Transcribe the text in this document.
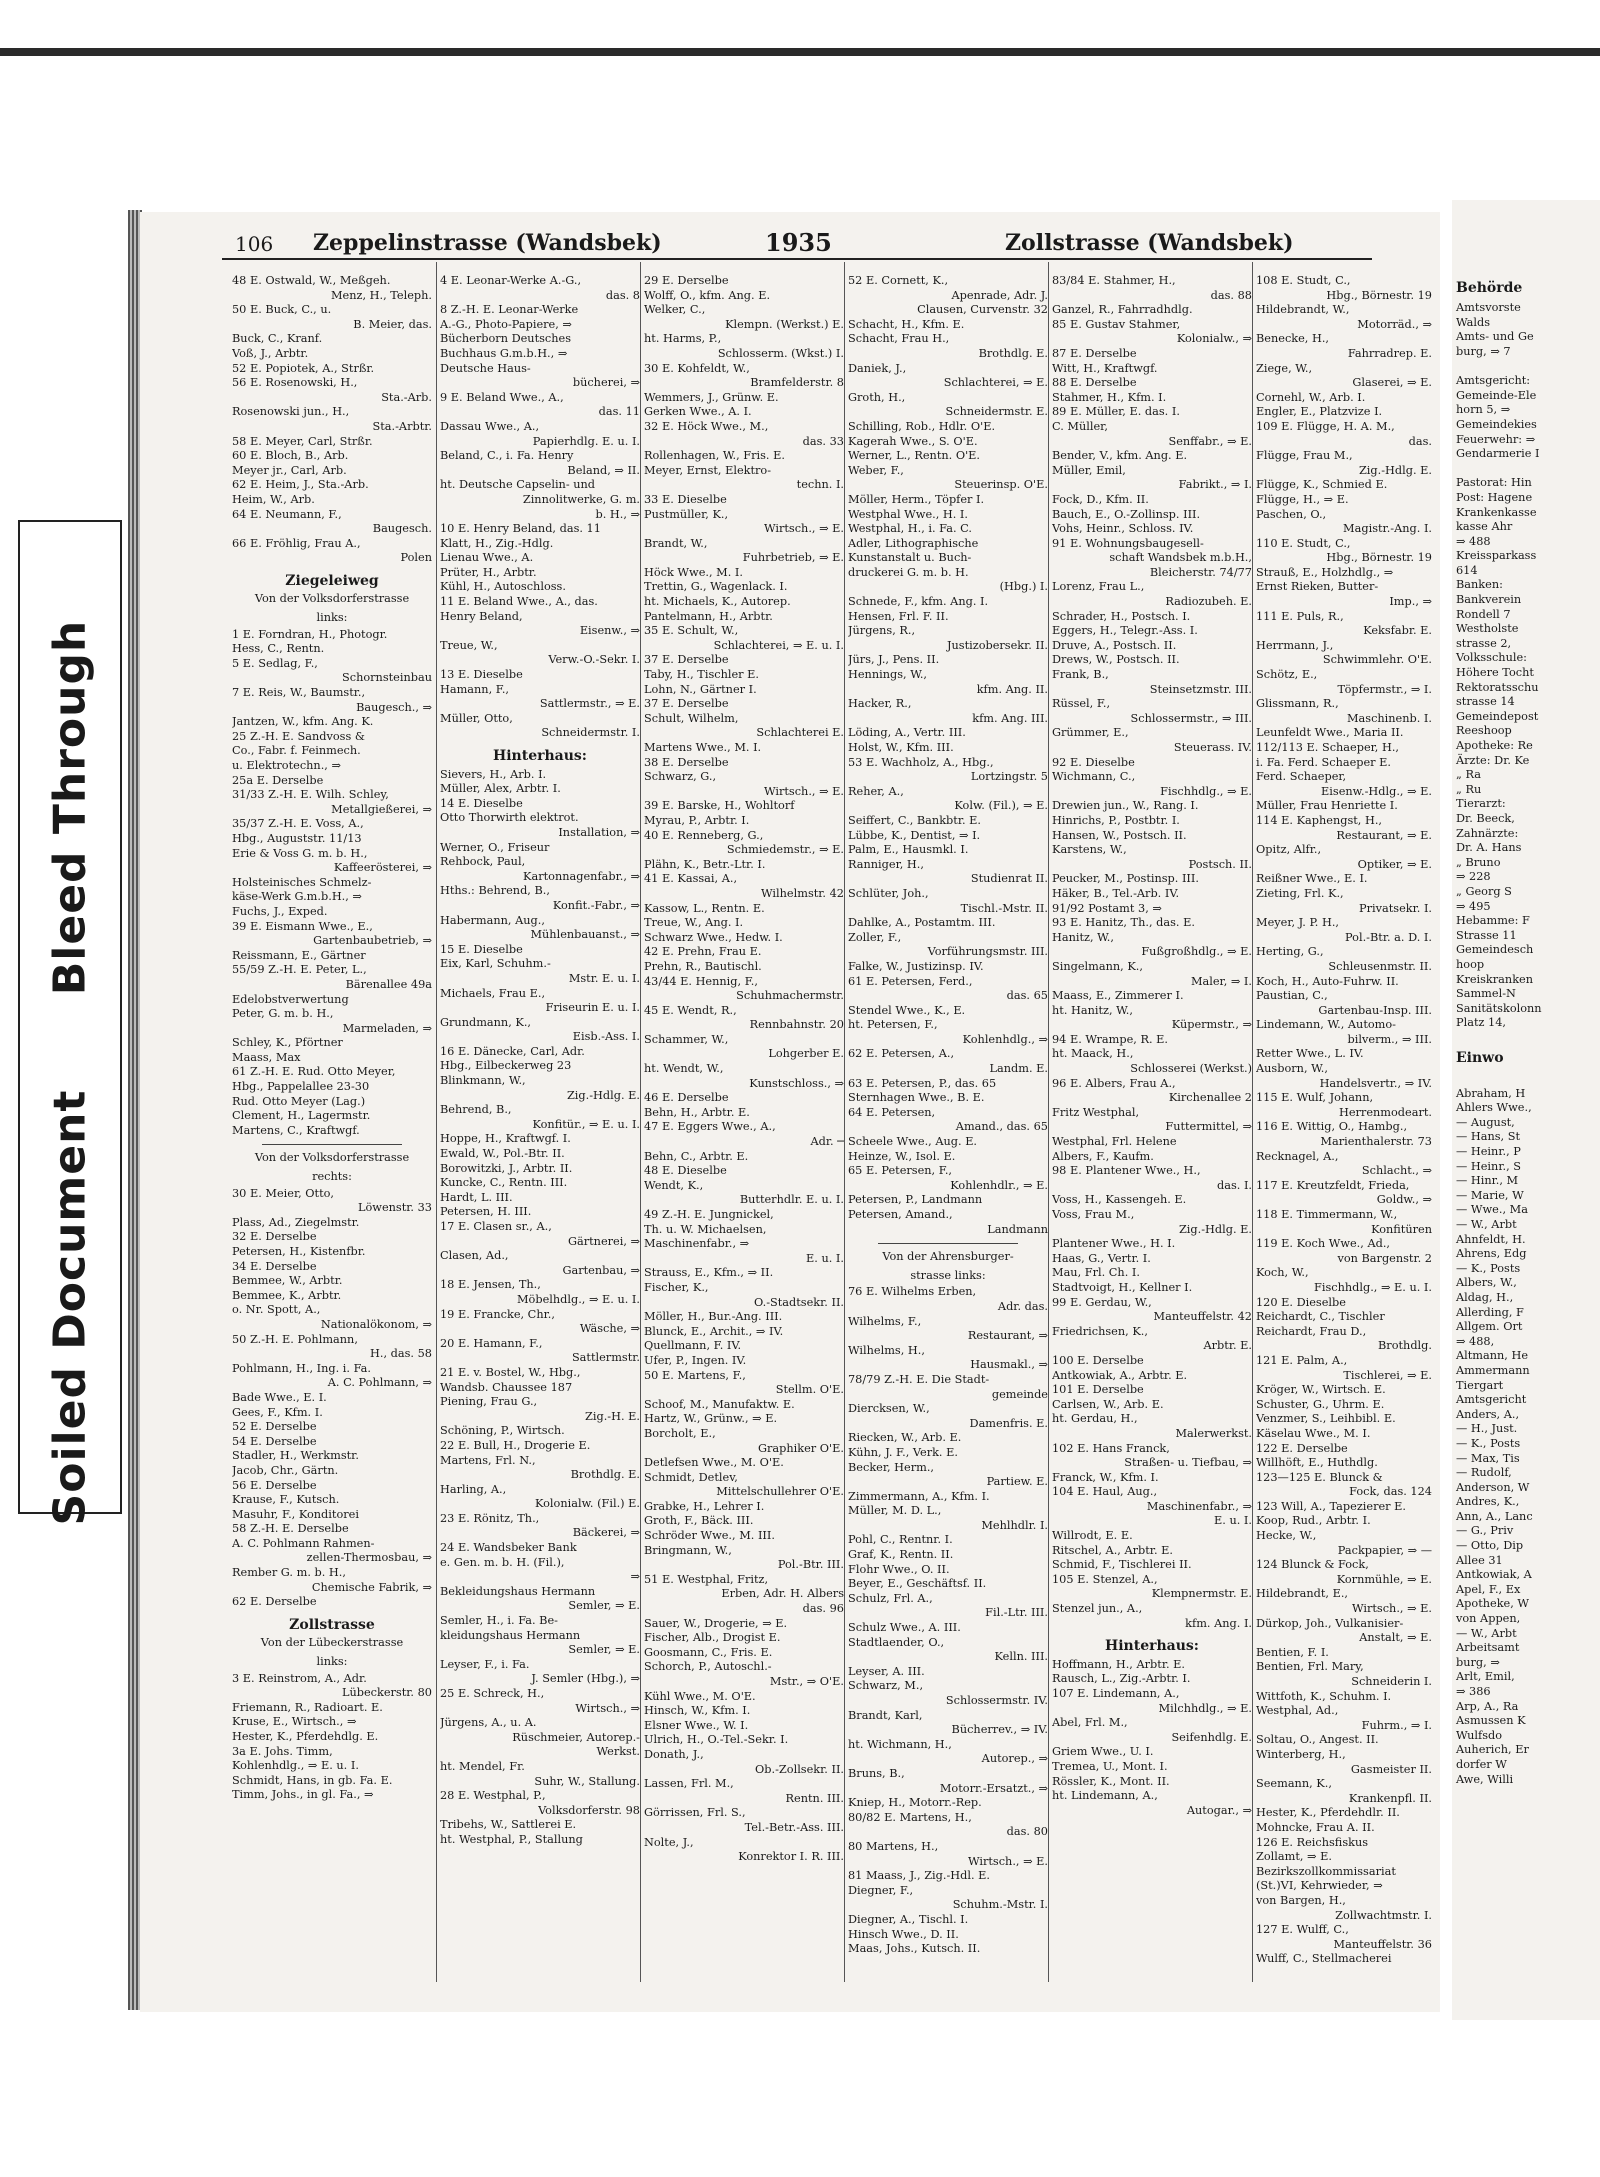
Bleed Through
Soiled Document
106 Zeppelinstrasse (Wandsbek)	1935	Zollstrasse (Wandsbek)
48 E. Ostwald, W., Meßgeh.
Menz, H., Teleph.
50 E. Buck, C., u.
B. Meier, das.
Buck, C., Kranf.
Voß, J., Arbtr.
52 E. Popiotek, A., Strßr.
56 E. Rosenowski, H.,
Sta.-Arb.
Rosenowski jun., H.,
Sta.-Arbtr.
58 E. Meyer, Carl, Strßr.
60 E. Bloch, B., Arb.
Meyer jr., Carl, Arb.
62 E. Heim, J., Sta.-Arb.
Heim, W., Arb.
64 E. Neumann, F.,
Baugesch.
66 E. Fröhlig, Frau A.,
Polen
Ziegeleiweg
Von der Volksdorferstrasse
links:
1 E. Forndran, H., Photogr.
Hess, C., Rentn.
5 E. Sedlag, F.,
Schornsteinbau
7 E. Reis, W., Baumstr.,
Baugesch., ⇒
Jantzen, W., kfm. Ang. K.
25 Z.-H. E. Sandvoss &
Co., Fabr. f. Feinmech.
u. Elektrotechn., ⇒
25a E. Derselbe
31/33 Z.-H. E. Wilh. Schley,
Metallgießerei, ⇒
35/37 Z.-H. E. Voss, A.,
Hbg., Auguststr. 11/13
Erie & Voss G. m. b. H.,
Kaffeerösterei, ⇒
Holsteinisches Schmelz-
käse-Werk G.m.b.H., ⇒
Fuchs, J., Exped.
39 E. Eismann Wwe., E.,
Gartenbaubetrieb, ⇒
Reissmann, E., Gärtner
55/59 Z.-H. E. Peter, L.,
Bärenallee 49a
Edelobstverwertung
Peter, G. m. b. H.,
Marmeladen, ⇒
Schley, K., Pförtner
Maass, Max
61 Z.-H. E. Rud. Otto Meyer,
Hbg., Pappelallee 23-30
Rud. Otto Meyer (Lag.)
Clement, H., Lagermstr.
Martens, C., Kraftwgf.
Von der Volksdorferstrasse
rechts:
30 E. Meier, Otto,
Löwenstr. 33
Plass, Ad., Ziegelmstr.
32 E. Derselbe
Petersen, H., Kistenfbr.
34 E. Derselbe
Bemmee, W., Arbtr.
Bemmee, K., Arbtr.
o. Nr. Spott, A.,
Nationalökonom, ⇒
50 Z.-H. E. Pohlmann,
H., das. 58
Pohlmann, H., Ing. i. Fa.
A. C. Pohlmann, ⇒
Bade Wwe., E. I.
Gees, F., Kfm. I.
52 E. Derselbe
54 E. Derselbe
Stadler, H., Werkmstr.
Jacob, Chr., Gärtn.
56 E. Derselbe
Krause, F., Kutsch.
Masuhr, F., Konditorei
58 Z.-H. E. Derselbe
A. C. Pohlmann Rahmen-
zellen-Thermosbau, ⇒
Rember G. m. b. H.,
Chemische Fabrik, ⇒
62 E. Derselbe
Zollstrasse
Von der Lübeckerstrasse
links:
3 E. Reinstrom, A., Adr.
Lübeckerstr. 80
Friemann, R., Radioart. E.
Kruse, E., Wirtsch., ⇒
Hester, K., Pferdehdlg. E.
3a E. Johs. Timm,
Kohlenhdlg., ⇒ E. u. I.
Schmidt, Hans, in gb. Fa. E.
Timm, Johs., in gl. Fa., ⇒
4 E. Leonar-Werke A.-G.,
das. 8
8 Z.-H. E. Leonar-Werke
A.-G., Photo-Papiere, ⇒
Bücherborn Deutsches
Buchhaus G.m.b.H., ⇒
Deutsche Haus-
bücherei, ⇒
9 E. Beland Wwe., A.,
das. 11
Dassau Wwe., A.,
Papierhdlg. E. u. I.
Beland, C., i. Fa. Henry
Beland, ⇒ II.
ht. Deutsche Capselin- und
Zinnolitwerke, G. m.
b. H., ⇒
10 E. Henry Beland, das. 11
Klatt, H., Zig.-Hdlg.
Lienau Wwe., A.
Prüter, H., Arbtr.
Kühl, H., Autoschloss.
11 E. Beland Wwe., A., das.
Henry Beland,
Eisenw., ⇒
Treue, W.,
Verw.-O.-Sekr. I.
13 E. Dieselbe
Hamann, F.,
Sattlermstr., ⇒ E.
Müller, Otto,
Schneidermstr. I.
Hinterhaus:
Sievers, H., Arb. I.
Müller, Alex, Arbtr. I.
14 E. Dieselbe
Otto Thorwirth elektrot.
Installation, ⇒
Werner, O., Friseur
Rehbock, Paul,
Kartonnagenfabr., ⇒
Hths.: Behrend, B.,
Konfit.-Fabr., ⇒
Habermann, Aug.,
Mühlenbauanst., ⇒
15 E. Dieselbe
Eix, Karl, Schuhm.-
Mstr. E. u. I.
Michaels, Frau E.,
Friseurin E. u. I.
Grundmann, K.,
Eisb.-Ass. I.
16 E. Dänecke, Carl, Adr.
Hbg., Eilbeckerweg 23
Blinkmann, W.,
Zig.-Hdlg. E.
Behrend, B.,
Konfitür., ⇒ E. u. I.
Hoppe, H., Kraftwgf. I.
Ewald, W., Pol.-Btr. II.
Borowitzki, J., Arbtr. II.
Kuncke, C., Rentn. III.
Hardt, L. III.
Petersen, H. III.
17 E. Clasen sr., A.,
Gärtnerei, ⇒
Clasen, Ad.,
Gartenbau, ⇒
18 E. Jensen, Th.,
Möbelhdlg., ⇒ E. u. I.
19 E. Francke, Chr.,
Wäsche, ⇒
20 E. Hamann, F.,
Sattlermstr.
21 E. v. Bostel, W., Hbg.,
Wandsb. Chaussee 187
Piening, Frau G.,
Zig.-H. E.
Schöning, P., Wirtsch.
22 E. Bull, H., Drogerie E.
Martens, Frl. N.,
Brothdlg. E.
Harling, A.,
Kolonialw. (Fil.) E.
23 E. Rönitz, Th.,
Bäckerei, ⇒
24 E. Wandsbeker Bank
e. Gen. m. b. H. (Fil.),
⇒
Bekleidungshaus Hermann
Semler, ⇒ E.
Semler, H., i. Fa. Be-
kleidungshaus Hermann
Semler, ⇒ E.
Leyser, F., i. Fa.
J. Semler (Hbg.), ⇒
25 E. Schreck, H.,
Wirtsch., ⇒
Jürgens, A., u. A.
Rüschmeier, Autorep.-
Werkst.
ht. Mendel, Fr.
Suhr, W., Stallung.
28 E. Westphal, P.,
Volksdorferstr. 98
Tribehs, W., Sattlerei E.
ht. Westphal, P., Stallung
29 E. Derselbe
Wolff, O., kfm. Ang. E.
Welker, C.,
Klempn. (Werkst.) E.
ht. Harms, P.,
Schlosserm. (Wkst.) I.
30 E. Kohfeldt, W.,
Bramfelderstr. 8
Wemmers, J., Grünw. E.
Gerken Wwe., A. I.
32 E. Höck Wwe., M.,
das. 33
Rollenhagen, W., Fris. E.
Meyer, Ernst, Elektro-
techn. I.
33 E. Dieselbe
Pustmüller, K.,
Wirtsch., ⇒ E.
Brandt, W.,
Fuhrbetrieb, ⇒ E.
Höck Wwe., M. I.
Trettin, G., Wagenlack. I.
ht. Michaels, K., Autorep.
Pantelmann, H., Arbtr.
35 E. Schult, W.,
Schlachterei, ⇒ E. u. I.
37 E. Derselbe
Taby, H., Tischler E.
Lohn, N., Gärtner I.
37 E. Derselbe
Schult, Wilhelm,
Schlachterei E.
Martens Wwe., M. I.
38 E. Derselbe
Schwarz, G.,
Wirtsch., ⇒ E.
39 E. Barske, H., Wohltorf
Myrau, P., Arbtr. I.
40 E. Renneberg, G.,
Schmiedemstr., ⇒ E.
Plähn, K., Betr.-Ltr. I.
41 E. Kassai, A.,
Wilhelmstr. 42
Kassow, L., Rentn. E.
Treue, W., Ang. I.
Schwarz Wwe., Hedw. I.
42 E. Prehn, Frau E.
Prehn, R., Bautischl.
43/44 E. Hennig, F.,
Schuhmachermstr.
45 E. Wendt, R.,
Rennbahnstr. 20
Schammer, W.,
Lohgerber E.
ht. Wendt, W.,
Kunstschloss., ⇒
46 E. Derselbe
Behn, H., Arbtr. E.
47 E. Eggers Wwe., A.,
Adr. ─
Behn, C., Arbtr. E.
48 E. Dieselbe
Wendt, K.,
Butterhdlr. E. u. I.
49 Z.-H. E. Jungnickel,
Th. u. W. Michaelsen,
Maschinenfabr., ⇒
E. u. I.
Strauss, E., Kfm., ⇒ II.
Fischer, K.,
O.-Stadtsekr. II.
Möller, H., Bur.-Ang. III.
Blunck, E., Archit., ⇒ IV.
Quellmann, F. IV.
Ufer, P., Ingen. IV.
50 E. Martens, F.,
Stellm. O'E.
Schoof, M., Manufaktw. E.
Hartz, W., Grünw., ⇒ E.
Borcholt, E.,
Graphiker O'E.
Detlefsen Wwe., M. O'E.
Schmidt, Detlev,
Mittelschullehrer O'E.
Grabke, H., Lehrer I.
Groth, F., Bäck. III.
Schröder Wwe., M. III.
Bringmann, W.,
Pol.-Btr. III.
51 E. Westphal, Fritz,
Erben, Adr. H. Albers
das. 96
Sauer, W., Drogerie, ⇒ E.
Fischer, Alb., Drogist E.
Goosmann, C., Fris. E.
Schorch, P., Autoschl.-
Mstr., ⇒ O'E.
Kühl Wwe., M. O'E.
Hinsch, W., Kfm. I.
Elsner Wwe., W. I.
Ulrich, H., O.-Tel.-Sekr. I.
Donath, J.,
Ob.-Zollsekr. II.
Lassen, Frl. M.,
Rentn. III.
Görrissen, Frl. S.,
Tel.-Betr.-Ass. III.
Nolte, J.,
Konrektor I. R. III.
52 E. Cornett, K.,
Apenrade, Adr. J.
Clausen, Curvenstr. 32
Schacht, H., Kfm. E.
Schacht, Frau H.,
Brothdlg. E.
Daniek, J.,
Schlachterei, ⇒ E.
Groth, H.,
Schneidermstr. E.
Schilling, Rob., Hdlr. O'E.
Kagerah Wwe., S. O'E.
Werner, L., Rentn. O'E.
Weber, F.,
Steuerinsp. O'E.
Möller, Herm., Töpfer I.
Westphal Wwe., H. I.
Westphal, H., i. Fa. C.
Adler, Lithographische
Kunstanstalt u. Buch-
druckerei G. m. b. H.
(Hbg.) I.
Schnede, F., kfm. Ang. I.
Hensen, Frl. F. II.
Jürgens, R.,
Justizobersekr. II.
Jürs, J., Pens. II.
Hennings, W.,
kfm. Ang. II.
Hacker, R.,
kfm. Ang. III.
Löding, A., Vertr. III.
Holst, W., Kfm. III.
53 E. Wachholz, A., Hbg.,
Lortzingstr. 5
Reher, A.,
Kolw. (Fil.), ⇒ E.
Seiffert, C., Bankbtr. E.
Lübbe, K., Dentist, ⇒ I.
Palm, E., Hausmkl. I.
Ranniger, H.,
Studienrat II.
Schlüter, Joh.,
Tischl.-Mstr. II.
Dahlke, A., Postamtm. III.
Zoller, F.,
Vorführungsmstr. III.
Falke, W., Justizinsp. IV.
61 E. Petersen, Ferd.,
das. 65
Stendel Wwe., K., E.
ht. Petersen, F.,
Kohlenhdlg., ⇒
62 E. Petersen, A.,
Landm. E.
63 E. Petersen, P., das. 65
Sternhagen Wwe., B. E.
64 E. Petersen,
Amand., das. 65
Scheele Wwe., Aug. E.
Heinze, W., Isol. E.
65 E. Petersen, F.,
Kohlenhdlr., ⇒ E.
Petersen, P., Landmann
Petersen, Amand.,
Landmann
Von der Ahrensburger-
strasse links:
76 E. Wilhelms Erben,
Adr. das.
Wilhelms, F.,
Restaurant, ⇒
Wilhelms, H.,
Hausmakl., ⇒
78/79 Z.-H. E. Die Stadt-
gemeinde
Diercksen, W.,
Damenfris. E.
Riecken, W., Arb. E.
Kühn, J. F., Verk. E.
Becker, Herm.,
Partiew. E.
Zimmermann, A., Kfm. I.
Müller, M. D. L.,
Mehlhdlr. I.
Pohl, C., Rentnr. I.
Graf, K., Rentn. II.
Flohr Wwe., O. II.
Beyer, E., Geschäftsf. II.
Schulz, Frl. A.,
Fil.-Ltr. III.
Schulz Wwe., A. III.
Stadtlaender, O.,
Kelln. III.
Leyser, A. III.
Schwarz, M.,
Schlossermstr. IV.
Brandt, Karl,
Bücherrev., ⇒ IV.
ht. Wichmann, H.,
Autorep., ⇒
Bruns, B.,
Motorr.-Ersatzt., ⇒
Kniep, H., Motorr.-Rep.
80/82 E. Martens, H.,
das. 80
80 Martens, H.,
Wirtsch., ⇒ E.
81 Maass, J., Zig.-Hdl. E.
Diegner, F.,
Schuhm.-Mstr. I.
Diegner, A., Tischl. I.
Hinsch Wwe., D. II.
Maas, Johs., Kutsch. II.
83/84 E. Stahmer, H.,
das. 88
Ganzel, R., Fahrradhdlg.
85 E. Gustav Stahmer,
Kolonialw., ⇒
87 E. Derselbe
Witt, H., Kraftwgf.
88 E. Derselbe
Stahmer, H., Kfm. I.
89 E. Müller, E. das. I.
C. Müller,
Senffabr., ⇒ E.
Bender, V., kfm. Ang. E.
Müller, Emil,
Fabrikt., ⇒ I.
Fock, D., Kfm. II.
Bauch, E., O.-Zollinsp. III.
Vohs, Heinr., Schloss. IV.
91 E. Wohnungsbaugesell-
schaft Wandsbek m.b.H.,
Bleicherstr. 74/77
Lorenz, Frau L.,
Radiozubeh. E.
Schrader, H., Postsch. I.
Eggers, H., Telegr.-Ass. I.
Druve, A., Postsch. II.
Drews, W., Postsch. II.
Frank, B.,
Steinsetzmstr. III.
Rüssel, F.,
Schlossermstr., ⇒ III.
Grümmer, E.,
Steuerass. IV.
92 E. Dieselbe
Wichmann, C.,
Fischhdlg., ⇒ E.
Drewien jun., W., Rang. I.
Hinrichs, P., Postbtr. I.
Hansen, W., Postsch. II.
Karstens, W.,
Postsch. II.
Peucker, M., Postinsp. III.
Häker, B., Tel.-Arb. IV.
91/92 Postamt 3, ⇒
93 E. Hanitz, Th., das. E.
Hanitz, W.,
Fußgroßhdlg., ⇒ E.
Singelmann, K.,
Maler, ⇒ I.
Maass, E., Zimmerer I.
ht. Hanitz, W.,
Küpermstr., ⇒
94 E. Wrampe, R. E.
ht. Maack, H.,
Schlosserei (Werkst.)
96 E. Albers, Frau A.,
Kirchenallee 2
Fritz Westphal,
Futtermittel, ⇒
Westphal, Frl. Helene
Albers, F., Kaufm.
98 E. Plantener Wwe., H.,
das. I.
Voss, H., Kassengeh. E.
Voss, Frau M.,
Zig.-Hdlg. E.
Plantener Wwe., H. I.
Haas, G., Vertr. I.
Mau, Frl. Ch. I.
Stadtvoigt, H., Kellner I.
99 E. Gerdau, W.,
Manteuffelstr. 42
Friedrichsen, K.,
Arbtr. E.
100 E. Derselbe
Antkowiak, A., Arbtr. E.
101 E. Derselbe
Carlsen, W., Arb. E.
ht. Gerdau, H.,
Malerwerkst.
102 E. Hans Franck,
Straßen- u. Tiefbau, ⇒
Franck, W., Kfm. I.
104 E. Haul, Aug.,
Maschinenfabr., ⇒
E. u. I.
Willrodt, E. E.
Ritschel, A., Arbtr. E.
Schmid, F., Tischlerei II.
105 E. Stenzel, A.,
Klempnermstr. E.
Stenzel jun., A.,
kfm. Ang. I.
Hinterhaus:
Hoffmann, H., Arbtr. E.
Rausch, L., Zig.-Arbtr. I.
107 E. Lindemann, A.,
Milchhdlg., ⇒ E.
Abel, Frl. M.,
Seifenhdlg. E.
Griem Wwe., U. I.
Tremea, U., Mont. I.
Rössler, K., Mont. II.
ht. Lindemann, A.,
Autogar., ⇒
108 E. Studt, C.,
Hbg., Börnestr. 19
Hildebrandt, W.,
Motorräd., ⇒
Benecke, H.,
Fahrradrep. E.
Ziege, W.,
Glaserei, ⇒ E.
Cornehl, W., Arb. I.
Engler, E., Platzvize I.
109 E. Flügge, H. A. M.,
das.
Flügge, Frau M.,
Zig.-Hdlg. E.
Flügge, K., Schmied E.
Flügge, H., ⇒ E.
Paschen, O.,
Magistr.-Ang. I.
110 E. Studt, C.,
Hbg., Börnestr. 19
Strauß, E., Holzhdlg., ⇒
Ernst Rieken, Butter-
Imp., ⇒
111 E. Puls, R.,
Keksfabr. E.
Herrmann, J.,
Schwimmlehr. O'E.
Schötz, E.,
Töpfermstr., ⇒ I.
Glissmann, R.,
Maschinenb. I.
Leunfeldt Wwe., Maria II.
112/113 E. Schaeper, H.,
i. Fa. Ferd. Schaeper E.
Ferd. Schaeper,
Eisenw.-Hdlg., ⇒ E.
Müller, Frau Henriette I.
114 E. Kaphengst, H.,
Restaurant, ⇒ E.
Opitz, Alfr.,
Optiker, ⇒ E.
Reißner Wwe., E. I.
Zieting, Frl. K.,
Privatsekr. I.
Meyer, J. P. H.,
Pol.-Btr. a. D. I.
Herting, G.,
Schleusenmstr. II.
Koch, H., Auto-Fuhrw. II.
Paustian, C.,
Gartenbau-Insp. III.
Lindemann, W., Automo-
bilverm., ⇒ III.
Retter Wwe., L. IV.
Ausborn, W.,
Handelsvertr., ⇒ IV.
115 E. Wulf, Johann,
Herrenmodeart.
116 E. Wittig, O., Hambg.,
Marienthalerstr. 73
Recknagel, A.,
Schlacht., ⇒
117 E. Kreutzfeldt, Frieda,
Goldw., ⇒
118 E. Timmermann, W.,
Konfitüren
119 E. Koch Wwe., Ad.,
von Bargenstr. 2
Koch, W.,
Fischhdlg., ⇒ E. u. I.
120 E. Dieselbe
Reichardt, C., Tischler
Reichardt, Frau D.,
Brothdlg.
121 E. Palm, A.,
Tischlerei, ⇒ E.
Kröger, W., Wirtsch. E.
Schuster, G., Uhrm. E.
Venzmer, S., Leihbibl. E.
Käselau Wwe., M. I.
122 E. Derselbe
Willhöft, E., Huthdlg.
123—125 E. Blunck &
Fock, das. 124
123 Will, A., Tapezierer E.
Koop, Rud., Arbtr. I.
Hecke, W.,
Packpapier, ⇒ —
124 Blunck & Fock,
Kornmühle, ⇒ E.
Hildebrandt, E.,
Wirtsch., ⇒ E.
Dürkop, Joh., Vulkanisier-
Anstalt, ⇒ E.
Bentien, F. I.
Bentien, Frl. Mary,
Schneiderin I.
Wittfoth, K., Schuhm. I.
Westphal, Ad.,
Fuhrm., ⇒ I.
Soltau, O., Angest. II.
Winterberg, H.,
Gasmeister II.
Seemann, K.,
Krankenpfl. II.
Hester, K., Pferdehdlr. II.
Mohncke, Frau A. II.
126 E. Reichsfiskus
Zollamt, ⇒ E.
Bezirkszollkommissariat
(St.)VI, Kehrwieder, ⇒
von Bargen, H.,
Zollwachtmstr. I.
127 E. Wulff, C.,
Manteuffelstr. 36
Wulff, C., Stellmacherei

Behörde
Amtsvorste
Walds
Amts- und Ge
burg, ⇒ 7

Amtsgericht:
Gemeinde-Ele
horn 5, ⇒
Gemeindekies
Feuerwehr: ⇒
Gendarmerie I

Pastorat: Hin
Post: Hagene
Krankenkasse
kasse Ahr
⇒ 488
Kreissparkass
614
Banken:
Bankverein
Rondell 7
Westholste
strasse 2,
Volksschule:
Höhere Tocht
Rektoratsschu
strasse 14
Gemeindepost
Reeshoop
Apotheke: Re
Ärzte: Dr. Ke
„ Ra
„ Ru
Tierarzt:
Dr. Beeck,
Zahnärzte:
Dr. A. Hans
„ Bruno
⇒ 228
„ Georg S
⇒ 495
Hebamme: F
Strasse 11
Gemeindesch
hoop
Kreiskranken
Sammel-N
Sanitätskolonn
Platz 14,

Einwo

Abraham, H
Ahlers Wwe.,
— August,
— Hans, St
— Heinr., P
— Heinr., S
— Hinr., M
— Marie, W
— Wwe., Ma
— W., Arbt
Ahnfeldt, H.
Ahrens, Edg
— K., Posts
Albers, W.,
Aldag, H.,
Allerding, F
Allgem. Ort
⇒ 488,
Altmann, He
Ammermann
Tiergart
Amtsgericht
Anders, A.,
— H., Just.
— K., Posts
— Max, Tis
— Rudolf,
Anderson, W
Andres, K.,
Ann, A., Lanc
— G., Priv
— Otto, Dip
Allee 31
Antkowiak, A
Apel, F., Ex
Apotheke, W
von Appen,
— W., Arbt
Arbeitsamt
burg, ⇒
Arlt, Emil,
⇒ 386
Arp, A., Ra
Asmussen K
Wulfsdo
Auherich, Er
dorfer W
Awe, Willi
